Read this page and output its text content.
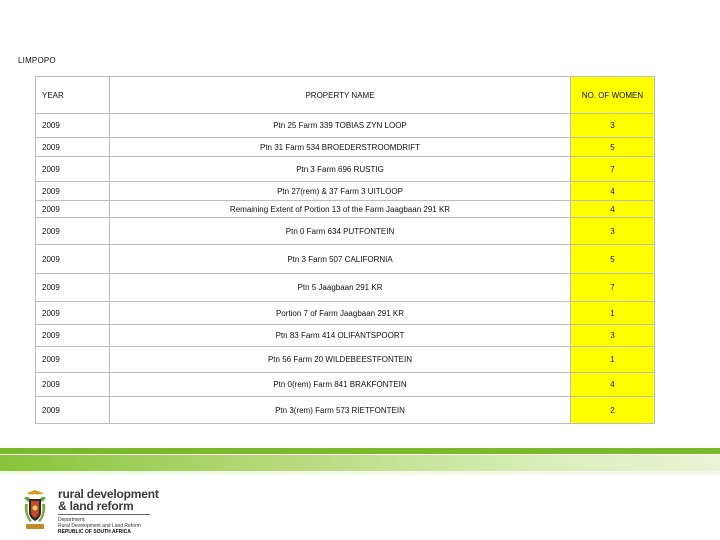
LIMPOPO
YEAR	PROPERTY NAME	NO. OF WOMEN
2009	Ptn 25 Farm 339 TOBIAS ZYN LOOP	3
2009	Ptn 31 Farm 534 BROEDERSTROOMDRIFT	5
2009	Ptn 3 Farm 696 RUSTIG	7
2009	Ptn 27(rem) & 37 Farm 3 UITLOOP	4
2009	Remaining Extent of Portion 13 of the Farm Jaagbaan 291 KR	4
2009	Ptn 0 Farm 634 PUTFONTEIN	3
2009	Ptn 3 Farm 507 CALIFORNIA	5
2009	Ptn 5 Jaagbaan 291 KR	7
2009	Portion 7 of Farm Jaagbaan 291 KR	1
2009	Ptn 83 Farm 414 OLIFANTSPOORT	3
2009	Ptn 56 Farm 20 WILDEBEESTFONTEIN	1
2009	Ptn 0(rem) Farm 841 BRAKFONTEIN	4
2009	Ptn 3(rem) Farm 573 RIETFONTEIN	2
rural development
& land reform
Department:
Rural Development and Land Reform
REPUBLIC OF SOUTH AFRICA
